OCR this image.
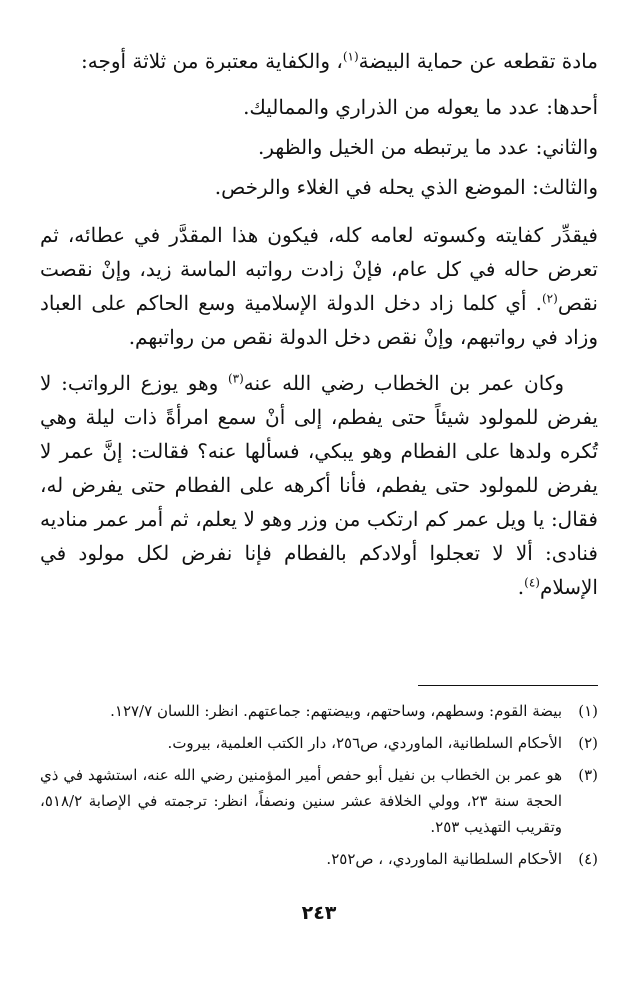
مادة تقطعه عن حماية البيضة$^{(١)}$، والكفاية معتبرة من ثلاثة أوجه:

أحدها: عدد ما يعوله من الذراري والمماليك.

والثاني: عدد ما يرتبطه من الخيل والظهر.

والثالث: الموضع الذي يحله في الغلاء والرخص.

فيقدِّر كفايته وكسوته لعامه كله، فيكون هذا المقدَّر في عطائه، ثم تعرض حاله في كل عام، فإنْ زادت رواتبه الماسة زيد، وإنْ نقصت نقص$^{(٢)}$. أي كلما زاد دخل الدولة الإسلامية وسع الحاكم على العباد وزاد في رواتبهم، وإنْ نقص دخل الدولة نقص من رواتبهم.

وكان عمر بن الخطاب رضي الله عنه$^{(٣)}$ وهو يوزع الرواتب: لا يفرض للمولود شيئاً حتى يفطم، إلى أنْ سمع امرأةً ذات ليلة وهي تُكره ولدها على الفطام وهو يبكي، فسألها عنه؟ فقالت: إنَّ عمر لا يفرض للمولود حتى يفطم، فأنا أكرهه على الفطام حتى يفرض له، فقال: يا ويل عمر كم ارتكب من وزر وهو لا يعلم، ثم أمر عمر مناديه فنادى: ألا لا تعجلوا أولادكم بالفطام فإنا نفرض لكل مولود في الإسلام$^{(٤)}$.

(١)
بيضة القوم: وسطهم، وساحتهم، وبيضتهم: جماعتهم. انظر: اللسان ١٢٧/٧.
(٢)
الأحكام السلطانية، الماوردي، ص٢٥٦، دار الكتب العلمية، بيروت.
(٣)
هو عمر بن الخطاب بن نفيل أبو حفص أمير المؤمنين رضي الله عنه، استشهد في ذي الحجة سنة ٢٣، وولي الخلافة عشر سنين ونصفاً، انظر: ترجمته في الإصابة ٥١٨/٢، وتقريب التهذيب ٢٥٣.
(٤)
الأحكام السلطانية الماوردي، ، ص٢٥٢.
٢٤٣
